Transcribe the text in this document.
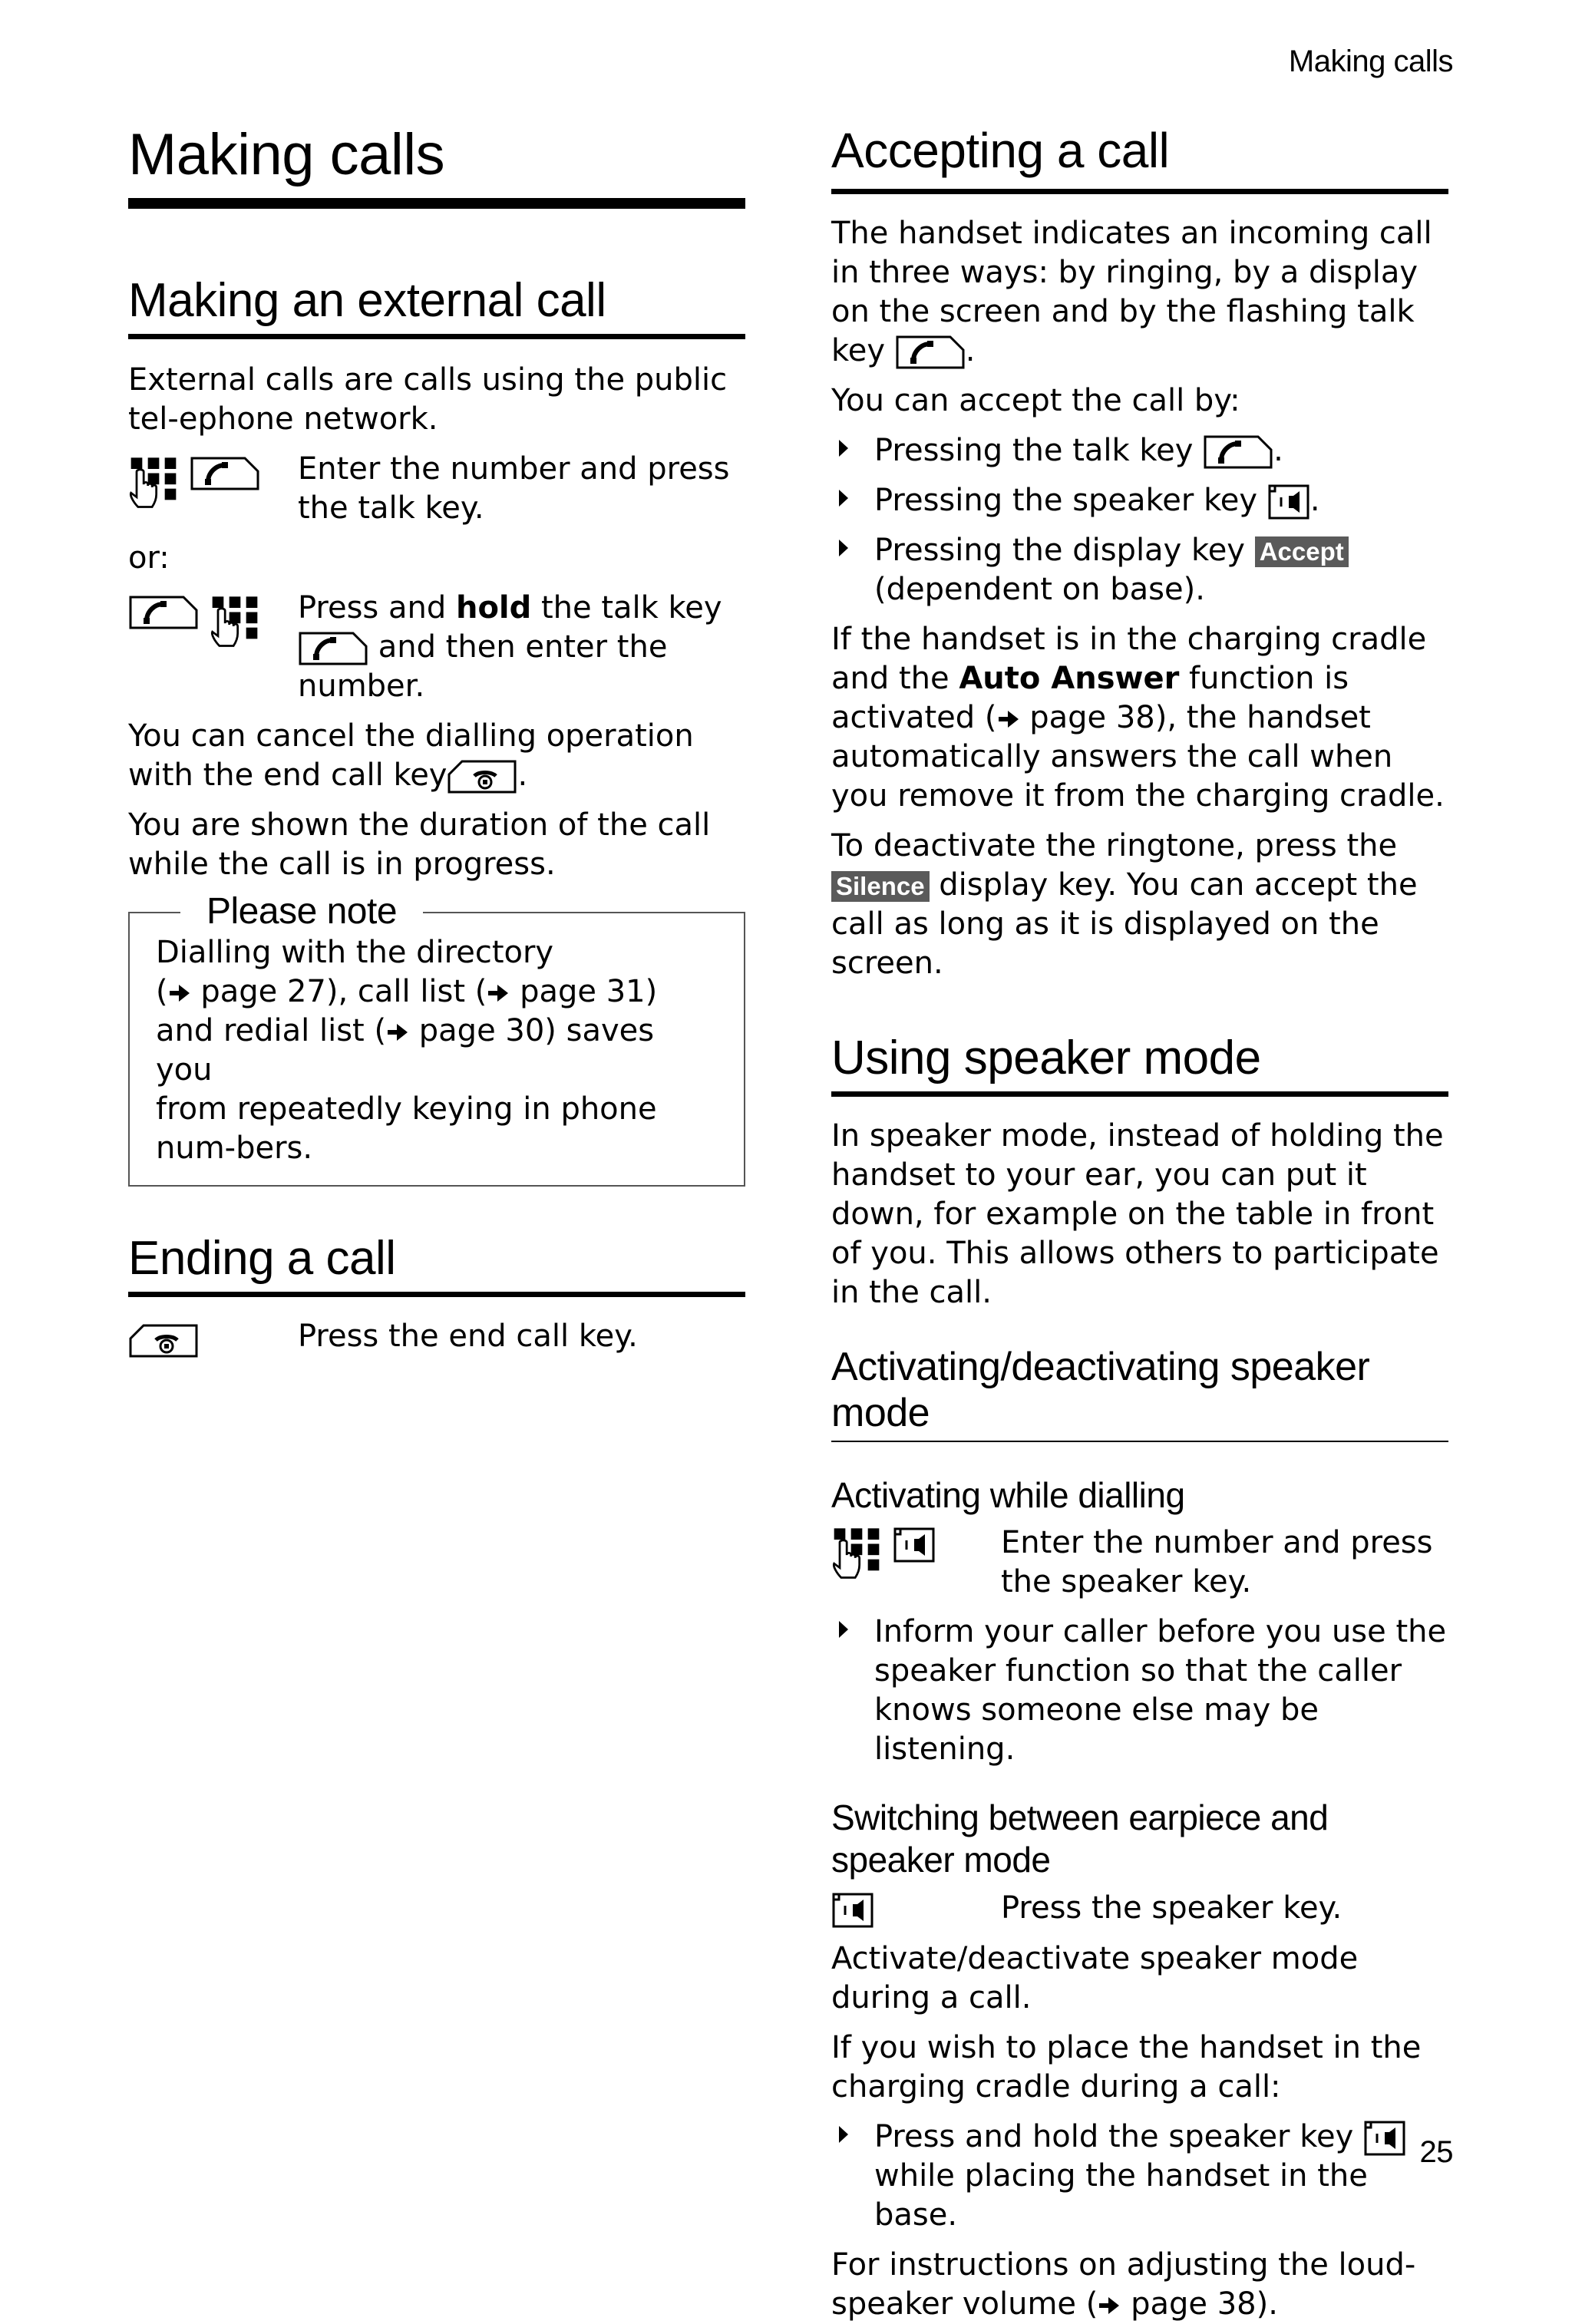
Making calls
Making calls
Making an external call

External calls are calls using the public tel-ephone network.

Enter the number and press the talk key.

or:

Press and hold the talk key
and then enter the number.

You can cancel the dialling operation with the end call key .

You are shown the duration of the call while the call is in progress.

Please note

Dialling with the directory
( page 27), call list ( page 31)
and redial list ( page 30) saves you
from repeatedly keying in phone num-bers.

Ending a call

Press the end call key.

Accepting a call

The handset indicates an incoming call in three ways: by ringing, by a display on the screen and by the flashing talk key	.

You can accept the call by:

Pressing the talk key	.

Pressing the speaker key .

Pressing the display key Accept
(dependent on base).

If the handset is in the charging cradle and the Auto Answer function is activated ( page 38), the handset automatically answers the call when you remove it from the charging cradle.

To deactivate the ringtone, press the
Silence display key. You can accept the call as long as it is displayed on the screen.

Using speaker mode

In speaker mode, instead of holding the handset to your ear, you can put it down, for example on the table in front of you. This allows others to participate in the call.

Activating/deactivating speaker mode
Activating while dialling

Enter the number and press the speaker key.

Inform your caller before you use the speaker function so that the caller knows someone else may be listening.

Switching between earpiece and speaker mode

Press the speaker key.

Activate/deactivate speaker mode during a call.

If you wish to place the handset in the charging cradle during a call:

Press and hold the speaker key
while placing the handset in the base.

For instructions on adjusting the loud-speaker volume ( page 38).

25
